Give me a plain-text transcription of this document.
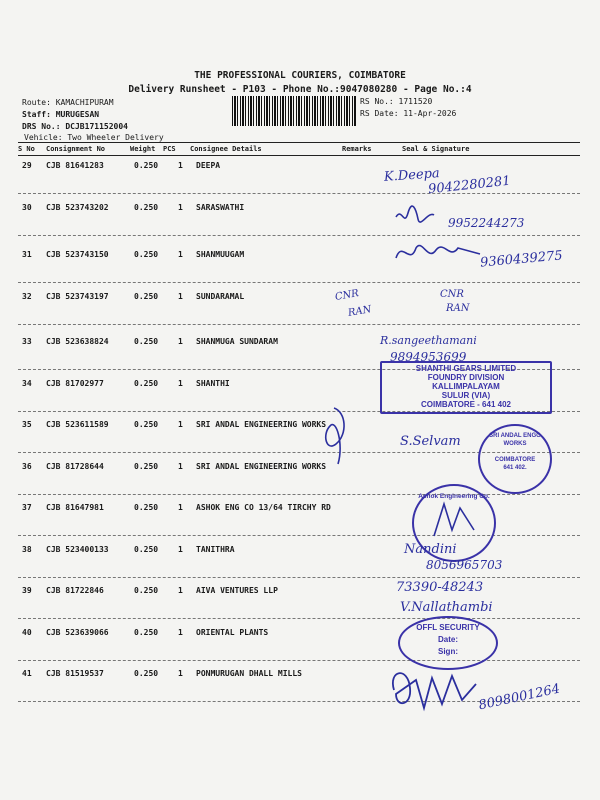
THE PROFESSIONAL COURIERS, COIMBATORE
Delivery Runsheet - P103 - Phone No.:9047080280 - Page No.:4
Route: KAMACHIPURAM
Staff: MURUGESAN
DRS No.: DCJB171152004
Vehicle: Two Wheeler Delivery
RS No.: 1711520
RS Date: 11-Apr-2026
S No Consignment No	Weight PCS Consignee Details	Remarks	Seal & Signature
29 CJB 81641283	0.250 1 DEEPA
30 CJB 523743202	0.250 1 SARASWATHI
31 CJB 523743150	0.250 1 SHANMUUGAM
32 CJB 523743197	0.250 1 SUNDARAMAL
33 CJB 523638824	0.250 1 SHANMUGA SUNDARAM
34 CJB 81702977	0.250 1 SHANTHI
35 CJB 523611589	0.250 1 SRI ANDAL ENGINEERING WORKS
36 CJB 81728644	0.250 1 SRI ANDAL ENGINEERING WORKS
37 CJB 81647981	0.250 1 ASHOK ENG CO 13/64 TIRCHY RD
38 CJB 523400133	0.250 1 TANITHRA
39 CJB 81722846	0.250 1 AIVA VENTURES LLP
40 CJB 523639066	0.250 1 ORIENTAL PLANTS
41 CJB 81519537	0.250 1 PONMURUGAN DHALL MILLS
K.Deepa
9042280281
9952244273
9360439275
CNR
RAN
CNR
RAN
R.sangeethamani
9894953699
SHANTHI GEARS LIMITED
FOUNDRY DIVISION
KALLIMPALAYAM
SULUR (VIA)
COIMBATORE - 641 402
S.Selvam	SRI ANDAL ENGG WORKS
COIMBATORE
641 402.
Ashok Engineering Co.
Nandini
8056965703
73390-48243
V.Nallathambi
OFFL SECURITY
Date:
Sign:
8098001264
